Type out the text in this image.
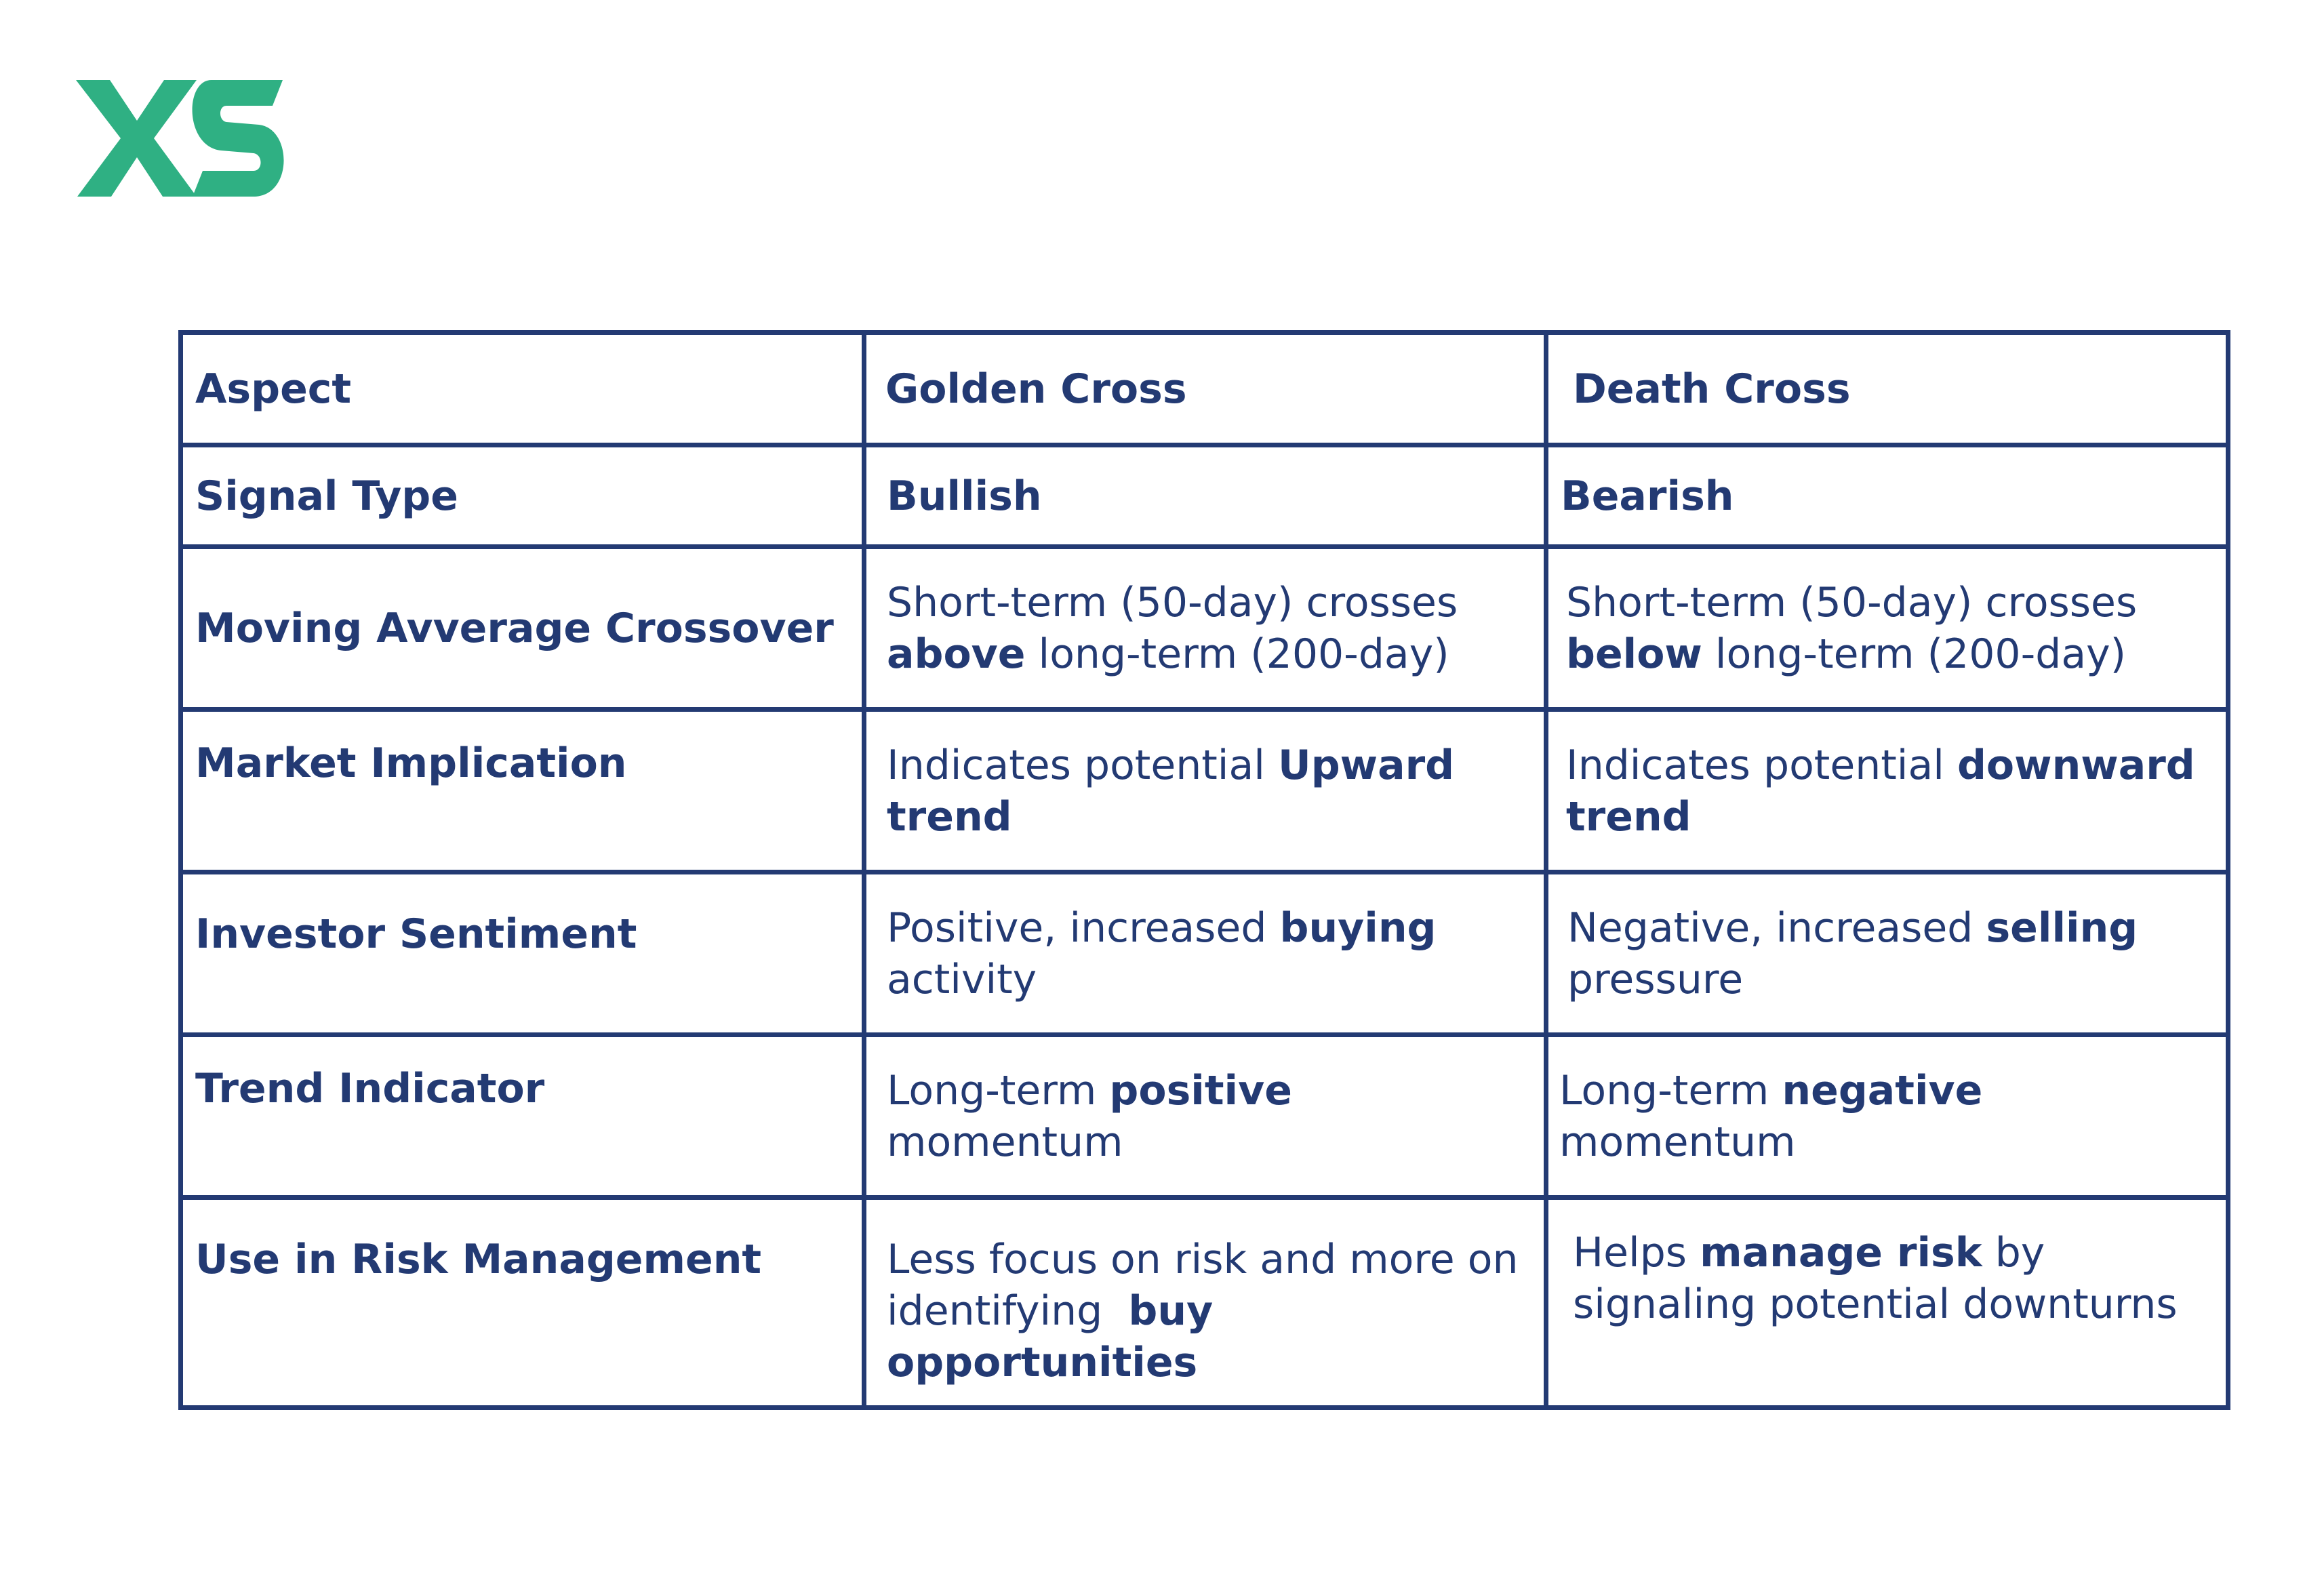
Aspect	Golden Cross	Death Cross
Signal Type	Bullish	Bearish
Moving Avverage Crossover	Short-term (50-day) crosses above long-term (200-day)	Short-term (50-day) crosses below long-term (200-day)
Market Implication	Indicates potential Upward trend	Indicates potential downward trend
Investor Sentiment	Positive, increased buying activity	Negative, increased selling pressure
Trend Indicator	Long-term positive momentum	Long-term negative momentum
Use in Risk Management	Less focus on risk and more on identifying  buy opportunities	Helps manage risk by signaling potential downturns
